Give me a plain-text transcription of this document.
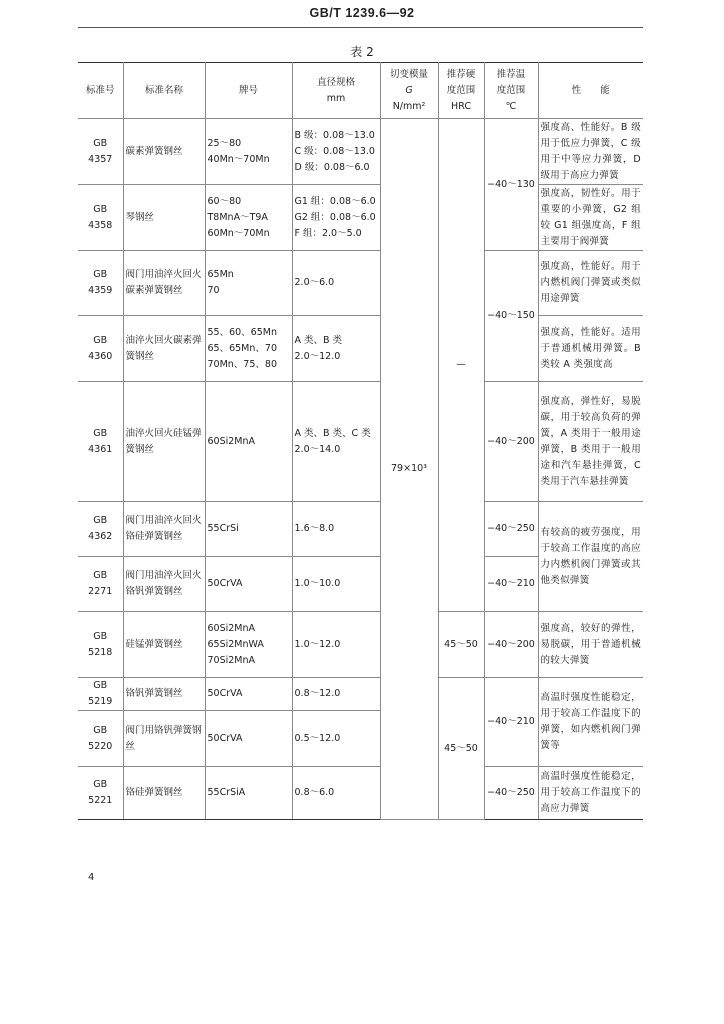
GB/T 1239.6—92
表 2
标准号	标准名称	牌号	直径规格
mm	切变模量
G
N/mm²	推荐硬
度范围
HRC	推荐温
度范围
℃	性　　能
GB 4357	碳素弹簧钢丝	25～80
40Mn～70Mn	B 级：0.08～13.0
C 级：0.08～13.0
D 级：0.08～6.0	79×10³	—	−40～130	强度高、性能好。B 级用于低应力弹簧，C 级用于中等应力弹簧，D 级用于高应力弹簧
GB 4358	琴钢丝	60～80
T8MnA～T9A
60Mn～70Mn	G1 组：0.08～6.0
G2 组：0.08～6.0
F 组：2.0～5.0				强度高，韧性好。用于重要的小弹簧，G2 组较 G1 组强度高，F 组主要用于阀弹簧
GB 4359	阀门用油淬火回火碳素弹簧钢丝	65Mn
70	2.0～6.0			−40～150	强度高，性能好。用于内燃机阀门弹簧或类似用途弹簧
GB 4360	油淬火回火碳素弹簧钢丝	55、60、65Mn
65、65Mn、70
70Mn、75、80	A 类、B 类
2.0～12.0				强度高，性能好。适用于普通机械用弹簧。B 类较 A 类强度高
GB 4361	油淬火回火硅锰弹簧钢丝	60Si2MnA	A 类、B 类、C 类
2.0～14.0			−40～200	强度高，弹性好，易脱碳，用于较高负荷的弹簧，A 类用于一般用途弹簧，B 类用于一般用途和汽车悬挂弹簧，C 类用于汽车悬挂弹簧
GB 4362	阀门用油淬火回火铬硅弹簧钢丝	55CrSi	1.6～8.0			−40～250	有较高的疲劳强度，用于较高工作温度的高应力内燃机阀门弹簧或其他类似弹簧
GB 2271	阀门用油淬火回火铬钒弹簧钢丝	50CrVA	1.0～10.0			−40～210	
GB 5218	硅锰弹簧钢丝	60Si2MnA
65Si2MnWA
70Si2MnA	1.0～12.0		45～50	−40～200	强度高，较好的弹性，易脱碳，用于普通机械的较大弹簧
GB 5219	铬钒弹簧钢丝	50CrVA	0.8～12.0		45～50	−40～210	高温时强度性能稳定，用于较高工作温度下的弹簧，如内燃机阀门弹簧等
GB 5220	阀门用铬钒弹簧钢丝	50CrVA	0.5～12.0				
GB 5221	铬硅弹簧钢丝	55CrSiA	0.8～6.0			−40～250	高温时强度性能稳定，用于较高工作温度下的高应力弹簧
4
